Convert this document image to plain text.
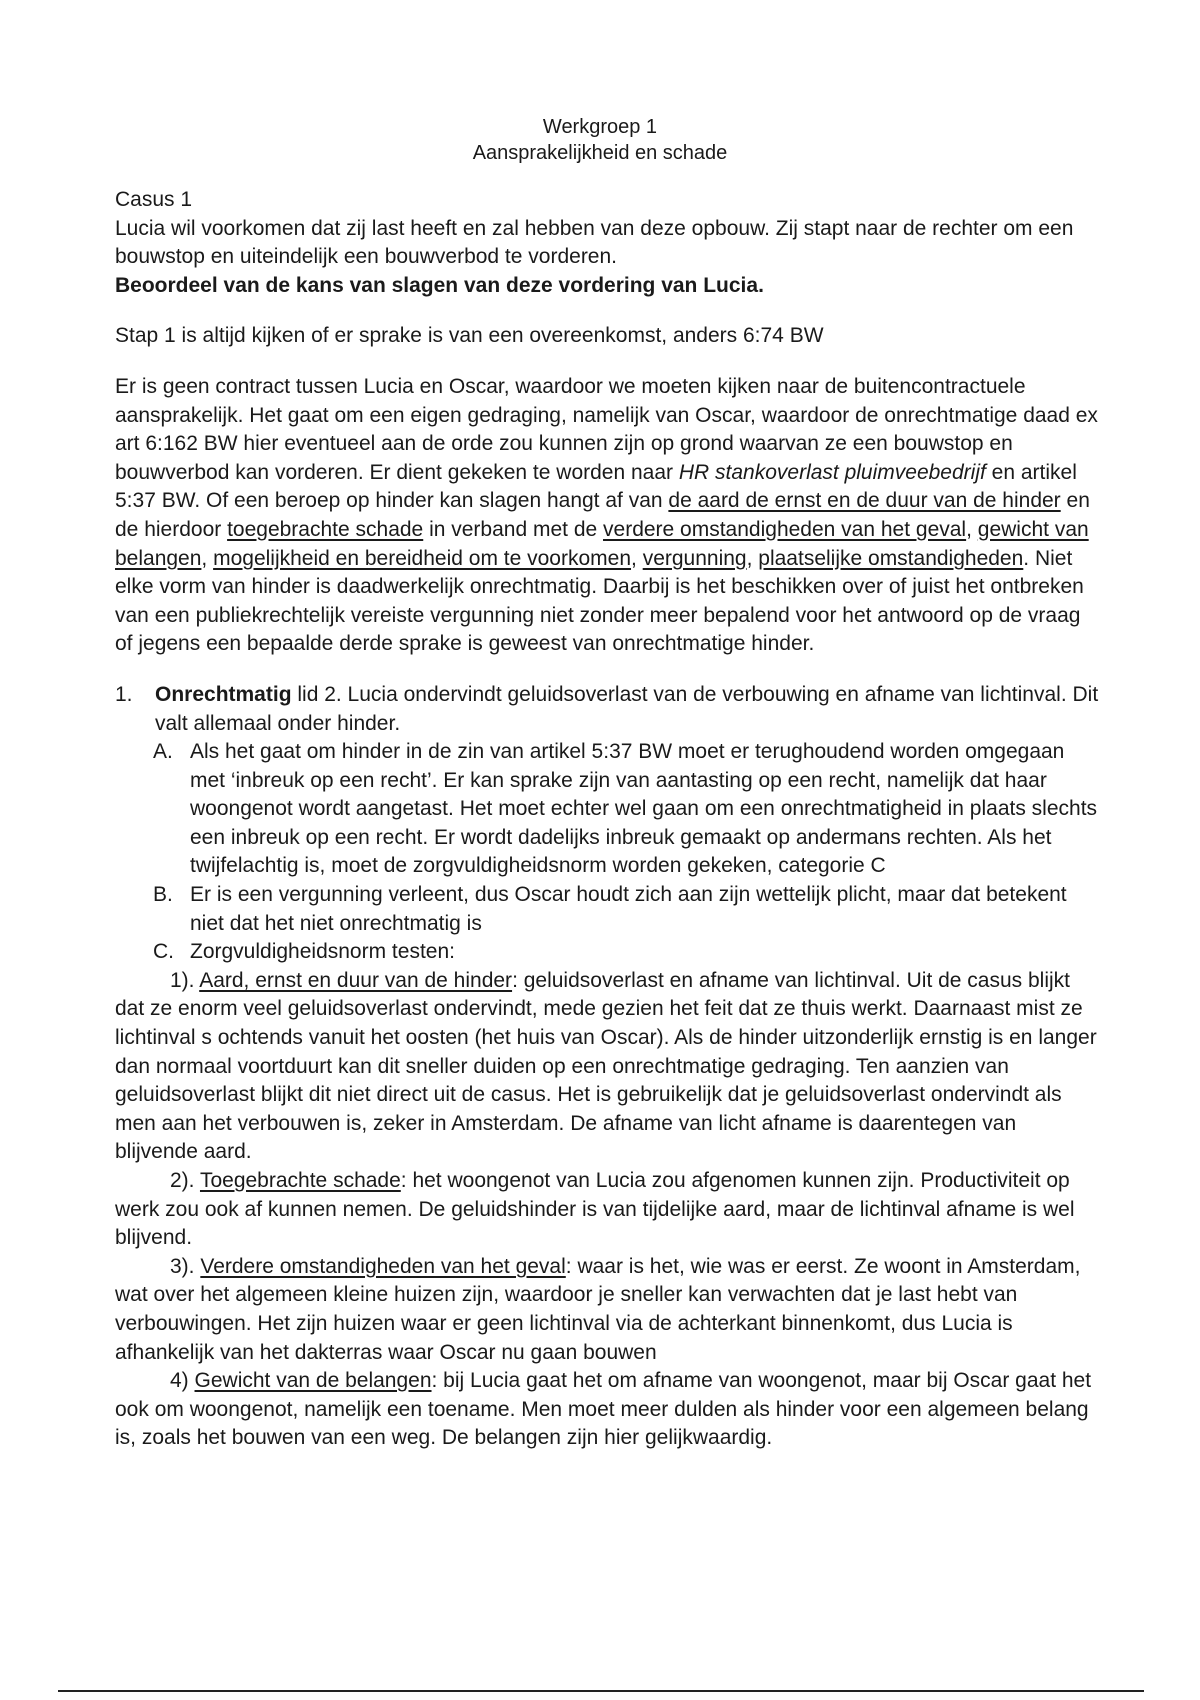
Werkgroep 1
Aansprakelijkheid en schade

Casus 1

Lucia wil voorkomen dat zij last heeft en zal hebben van deze opbouw. Zij stapt naar de rechter om een bouwstop en uiteindelijk een bouwverbod te vorderen.

Beoordeel van de kans van slagen van deze vordering van Lucia.

Stap 1 is altijd kijken of er sprake is van een overeenkomst, anders 6:74 BW

Er is geen contract tussen Lucia en Oscar, waardoor we moeten kijken naar de buitencontractuele aansprakelijk. Het gaat om een eigen gedraging, namelijk van Oscar, waardoor de onrechtmatige daad ex art 6:162 BW hier eventueel aan de orde zou kunnen zijn op grond waarvan ze een bouwstop en bouwverbod kan vorderen. Er dient gekeken te worden naar HR stankoverlast pluimveebedrijf en artikel 5:37 BW. Of een beroep op hinder kan slagen hangt af van de aard de ernst en de duur van de hinder en de hierdoor toegebrachte schade in verband met de verdere omstandigheden van het geval, gewicht van belangen, mogelijkheid en bereidheid om te voorkomen, vergunning, plaatselijke omstandigheden. Niet elke vorm van hinder is daadwerkelijk onrechtmatig. Daarbij is het beschikken over of juist het ontbreken van een publiekrechtelijk vereiste vergunning niet zonder meer bepalend voor het antwoord op de vraag of jegens een bepaalde derde sprake is geweest van onrechtmatige hinder.

1. Onrechtmatig lid 2. Lucia ondervindt geluidsoverlast van de verbouwing en afname van lichtinval. Dit valt allemaal onder hinder.
A. Als het gaat om hinder in de zin van artikel 5:37 BW moet er terughoudend worden omgegaan met ‘inbreuk op een recht’. Er kan sprake zijn van aantasting op een recht, namelijk dat haar woongenot wordt aangetast. Het moet echter wel gaan om een onrechtmatigheid in plaats slechts een inbreuk op een recht. Er wordt dadelijks inbreuk gemaakt op andermans rechten. Als het twijfelachtig is, moet de zorgvuldigheidsnorm worden gekeken, categorie C
B. Er is een vergunning verleent, dus Oscar houdt zich aan zijn wettelijk plicht, maar dat betekent niet dat het niet onrechtmatig is
C. Zorgvuldigheidsnorm testen:

1). Aard, ernst en duur van de hinder: geluidsoverlast en afname van lichtinval. Uit de casus blijkt dat ze enorm veel geluidsoverlast ondervindt, mede gezien het feit dat ze thuis werkt. Daarnaast mist ze lichtinval s ochtends vanuit het oosten (het huis van Oscar). Als de hinder uitzonderlijk ernstig is en langer dan normaal voortduurt kan dit sneller duiden op een onrechtmatige gedraging. Ten aanzien van geluidsoverlast blijkt dit niet direct uit de casus. Het is gebruikelijk dat je geluidsoverlast ondervindt als men aan het verbouwen is, zeker in Amsterdam. De afname van licht afname is daarentegen van blijvende aard.

2). Toegebrachte schade: het woongenot van Lucia zou afgenomen kunnen zijn. Productiviteit op werk zou ook af kunnen nemen. De geluidshinder is van tijdelijke aard, maar de lichtinval afname is wel blijvend.

3). Verdere omstandigheden van het geval: waar is het, wie was er eerst. Ze woont in Amsterdam, wat over het algemeen kleine huizen zijn, waardoor je sneller kan verwachten dat je last hebt van verbouwingen. Het zijn huizen waar er geen lichtinval via de achterkant binnenkomt, dus Lucia is afhankelijk van het dakterras waar Oscar nu gaan bouwen

4) Gewicht van de belangen: bij Lucia gaat het om afname van woongenot, maar bij Oscar gaat het ook om woongenot, namelijk een toename. Men moet meer dulden als hinder voor een algemeen belang is, zoals het bouwen van een weg. De belangen zijn hier gelijkwaardig.
